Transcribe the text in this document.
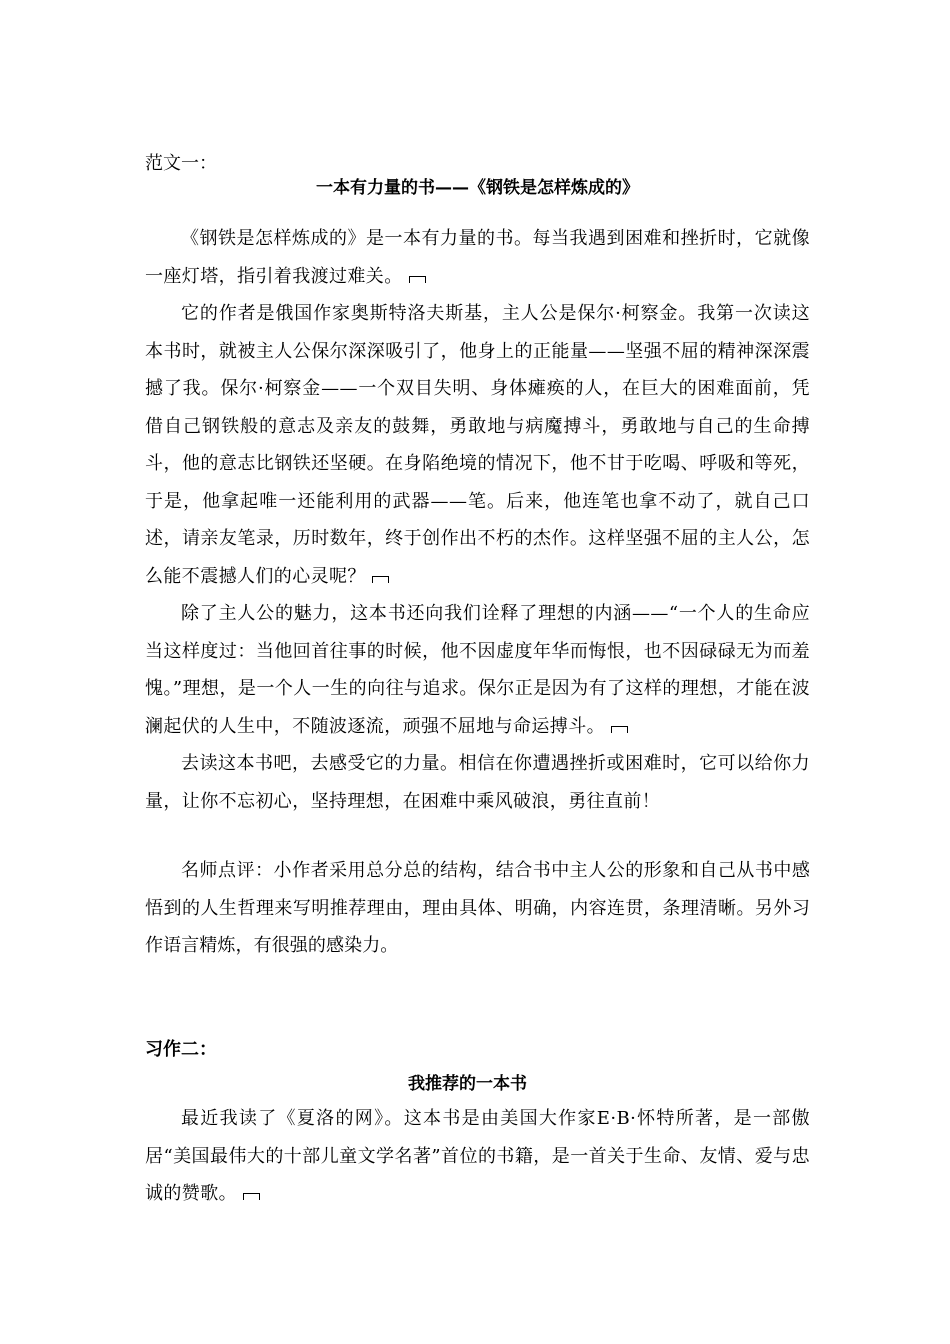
范文一：
一本有力量的书——《钢铁是怎样炼成的》

《钢铁是怎样炼成的》是一本有力量的书。每当我遇到困难和挫折时，它就像一座灯塔，指引着我渡过难关。

它的作者是俄国作家奥斯特洛夫斯基，主人公是保尔·柯察金。我第一次读这本书时，就被主人公保尔深深吸引了，他身上的正能量——坚强不屈的精神深深震撼了我。保尔·柯察金——一个双目失明、身体瘫痪的人，在巨大的困难面前，凭借自己钢铁般的意志及亲友的鼓舞，勇敢地与病魔搏斗，勇敢地与自己的生命搏斗，他的意志比钢铁还坚硬。在身陷绝境的情况下，他不甘于吃喝、呼吸和等死，于是，他拿起唯一还能利用的武器——笔。后来，他连笔也拿不动了，就自己口述，请亲友笔录，历时数年，终于创作出不朽的杰作。这样坚强不屈的主人公，怎么能不震撼人们的心灵呢？

除了主人公的魅力，这本书还向我们诠释了理想的内涵——“一个人的生命应当这样度过：当他回首往事的时候，他不因虚度年华而悔恨，也不因碌碌无为而羞愧。”理想，是一个人一生的向往与追求。保尔正是因为有了这样的理想，才能在波澜起伏的人生中，不随波逐流，顽强不屈地与命运搏斗。

去读这本书吧，去感受它的力量。相信在你遭遇挫折或困难时，它可以给你力量，让你不忘初心，坚持理想，在困难中乘风破浪，勇往直前！

名师点评：小作者采用总分总的结构，结合书中主人公的形象和自己从书中感悟到的人生哲理来写明推荐理由，理由具体、明确，内容连贯，条理清晰。另外习作语言精炼，有很强的感染力。

习作二：
我推荐的一本书

最近我读了《夏洛的网》。这本书是由美国大作家E·B·怀特所著，是一部傲居“美国最伟大的十部儿童文学名著”首位的书籍，是一首关于生命、友情、爱与忠诚的赞歌。
